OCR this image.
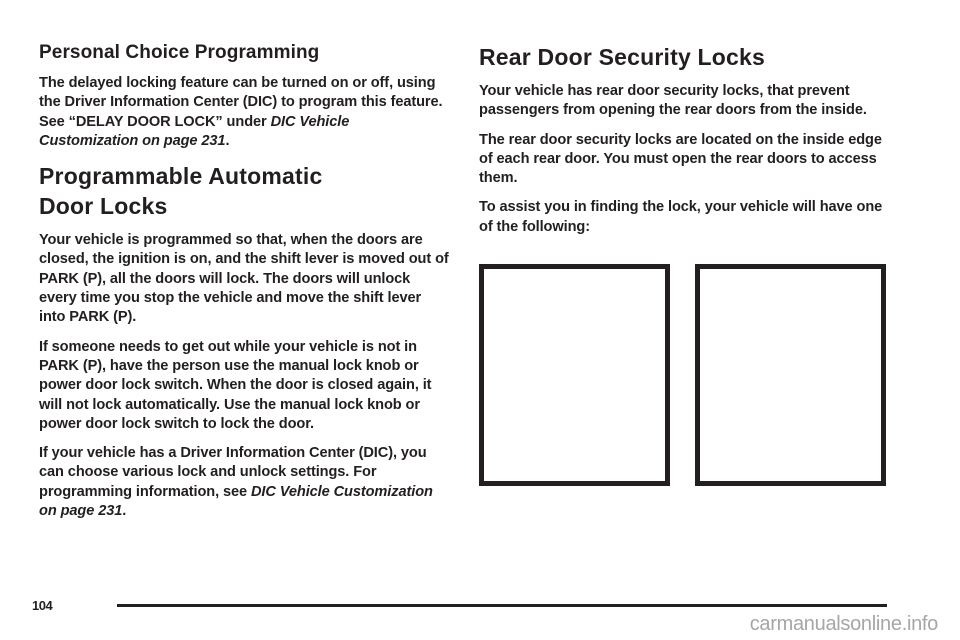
Personal Choice Programming

The delayed locking feature can be turned on or off, using the Driver Information Center (DIC) to program this feature. See “DELAY DOOR LOCK” under DIC Vehicle Customization on page 231.

Programmable Automatic
Door Locks

Your vehicle is programmed so that, when the doors are closed, the ignition is on, and the shift lever is moved out of PARK (P), all the doors will lock. The doors will unlock every time you stop the vehicle and move the shift lever into PARK (P).

If someone needs to get out while your vehicle is not in PARK (P), have the person use the manual lock knob or power door lock switch. When the door is closed again, it will not lock automatically. Use the manual lock knob or power door lock switch to lock the door.

If your vehicle has a Driver Information Center (DIC), you can choose various lock and unlock settings. For programming information, see DIC Vehicle Customization on page 231.

Rear Door Security Locks

Your vehicle has rear door security locks, that prevent passengers from opening the rear doors from the inside.

The rear door security locks are located on the inside edge of each rear door. You must open the rear doors to access them.

To assist you in finding the lock, your vehicle will have one of the following:

104
carmanualsonline.info
